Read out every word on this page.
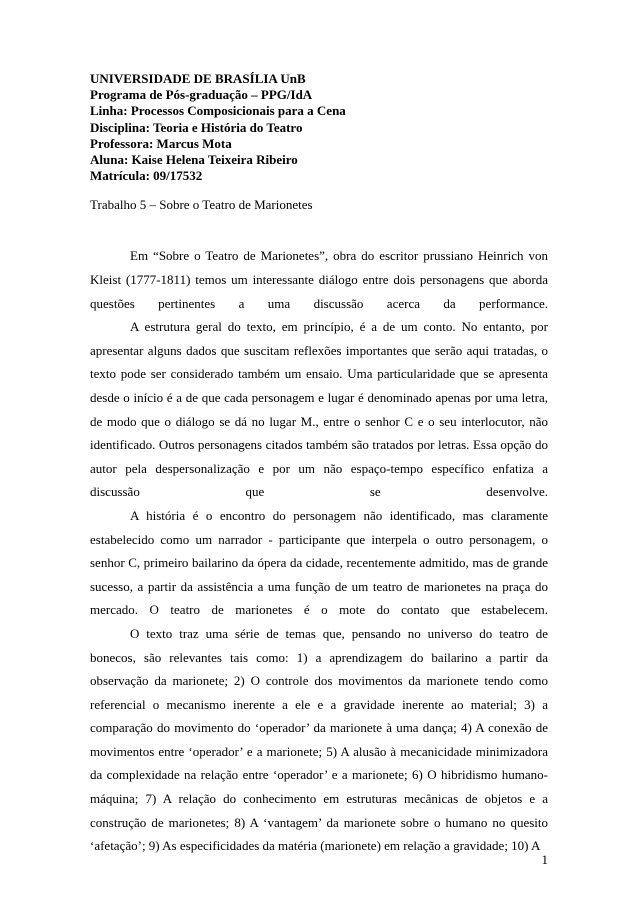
UNIVERSIDADE DE BRASÍLIA UnB
Programa de Pós-graduação – PPG/IdA
Linha: Processos Composicionais para a Cena
Disciplina: Teoria e História do Teatro
Professora: Marcus Mota
Aluna: Kaise Helena Teixeira Ribeiro
Matrícula: 09/17532
Trabalho 5 – Sobre o Teatro de Marionetes

Em “Sobre o Teatro de Marionetes”, obra do escritor prussiano Heinrich von Kleist (1777-1811) temos um interessante diálogo entre dois personagens que aborda questões pertinentes a uma discussão acerca da performance.

A estrutura geral do texto, em princípio, é a de um conto. No entanto, por apresentar alguns dados que suscitam reflexões importantes que serão aqui tratadas, o texto pode ser considerado também um ensaio. Uma particularidade que se apresenta desde o início é a de que cada personagem e lugar é denominado apenas por uma letra, de modo que o diálogo se dá no lugar M., entre o senhor C e o seu interlocutor, não identificado. Outros personagens citados também são tratados por letras. Essa opção do autor pela despersonalização e por um não espaço-tempo específico enfatiza a discussão que se desenvolve.

A história é o encontro do personagem não identificado, mas claramente estabelecido como um narrador - participante que interpela o outro personagem, o senhor C, primeiro bailarino da ópera da cidade, recentemente admitido, mas de grande sucesso, a partir da assistência a uma função de um teatro de marionetes na praça do mercado. O teatro de marionetes é o mote do contato que estabelecem.

O texto traz uma série de temas que, pensando no universo do teatro de bonecos, são relevantes tais como: 1) a aprendizagem do bailarino a partir da observação da marionete; 2) O controle dos movimentos da marionete tendo como referencial o mecanismo inerente a ele e a gravidade inerente ao material; 3) a comparação do movimento do ‘operador’ da marionete à uma dança; 4) A conexão de movimentos entre ‘operador’ e a marionete; 5) A alusão à mecanicidade minimizadora da complexidade na relação entre ‘operador’ e a marionete; 6) O hibridismo humano-máquina; 7) A relação do conhecimento em estruturas mecânicas de objetos e a construção de marionetes; 8) A ‘vantagem’ da marionete sobre o humano no quesito ‘afetação’; 9) As especificidades da matéria (marionete) em relação a gravidade; 10) A

1
